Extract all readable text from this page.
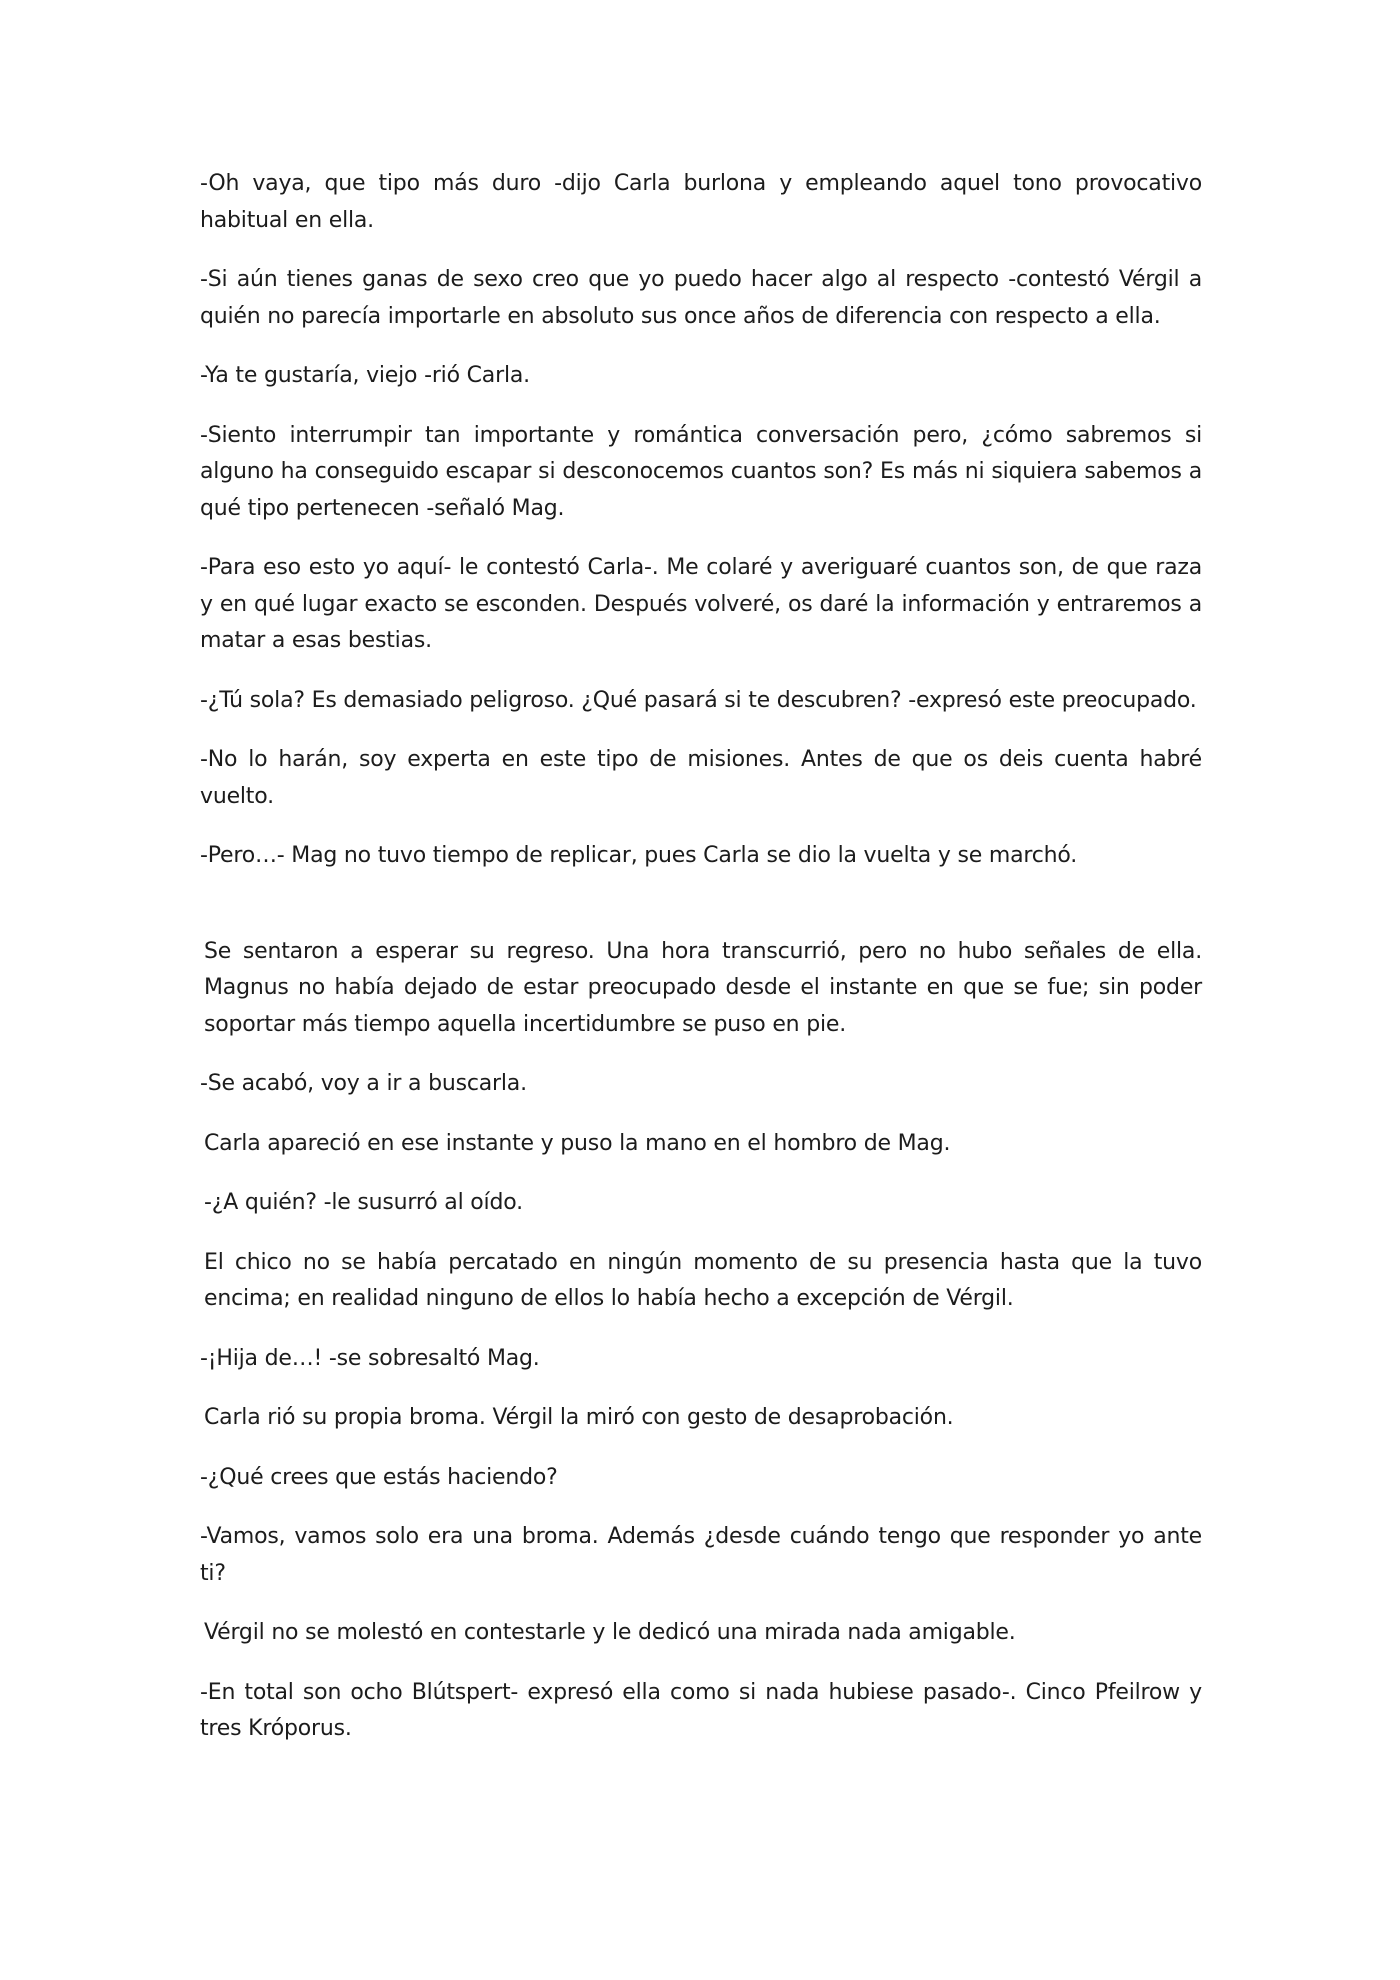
-Oh vaya, que tipo más duro -dijo Carla burlona y empleando aquel tono provocativo habitual en ella.

-Si aún tienes ganas de sexo creo que yo puedo hacer algo al respecto -contestó Vérgil a quién no parecía importarle en absoluto sus once años de diferencia con respecto a ella.

-Ya te gustaría, viejo -rió Carla.

-Siento interrumpir tan importante y romántica conversación pero, ¿cómo sabremos si alguno ha conseguido escapar si desconocemos cuantos son? Es más ni siquiera sabemos a qué tipo pertenecen -señaló Mag.

-Para eso esto yo aquí- le contestó Carla-. Me colaré y averiguaré cuantos son, de que raza y en qué lugar exacto se esconden. Después volveré, os daré la información y entraremos a matar a esas bestias.

-¿Tú sola? Es demasiado peligroso. ¿Qué pasará si te descubren? -expresó este preocupado.

-No lo harán, soy experta en este tipo de misiones. Antes de que os deis cuenta habré vuelto.

-Pero…- Mag no tuvo tiempo de replicar, pues Carla se dio la vuelta y se marchó.

Se sentaron a esperar su regreso. Una hora transcurrió, pero no hubo señales de ella. Magnus no había dejado de estar preocupado desde el instante en que se fue; sin poder soportar más tiempo aquella incertidumbre se puso en pie.

-Se acabó, voy a ir a buscarla.

Carla apareció en ese instante y puso la mano en el hombro de Mag.

-¿A quién? -le susurró al oído.

El chico no se había percatado en ningún momento de su presencia hasta que la tuvo encima; en realidad ninguno de ellos lo había hecho a excepción de Vérgil.

-¡Hija de…! -se sobresaltó Mag.

Carla rió su propia broma. Vérgil la miró con gesto de desaprobación.

-¿Qué crees que estás haciendo?

-Vamos, vamos solo era una broma. Además ¿desde cuándo tengo que responder yo ante ti?

Vérgil no se molestó en contestarle y le dedicó una mirada nada amigable.

-En total son ocho Blútspert- expresó ella como si nada hubiese pasado-. Cinco Pfeilrow y tres Króporus.
